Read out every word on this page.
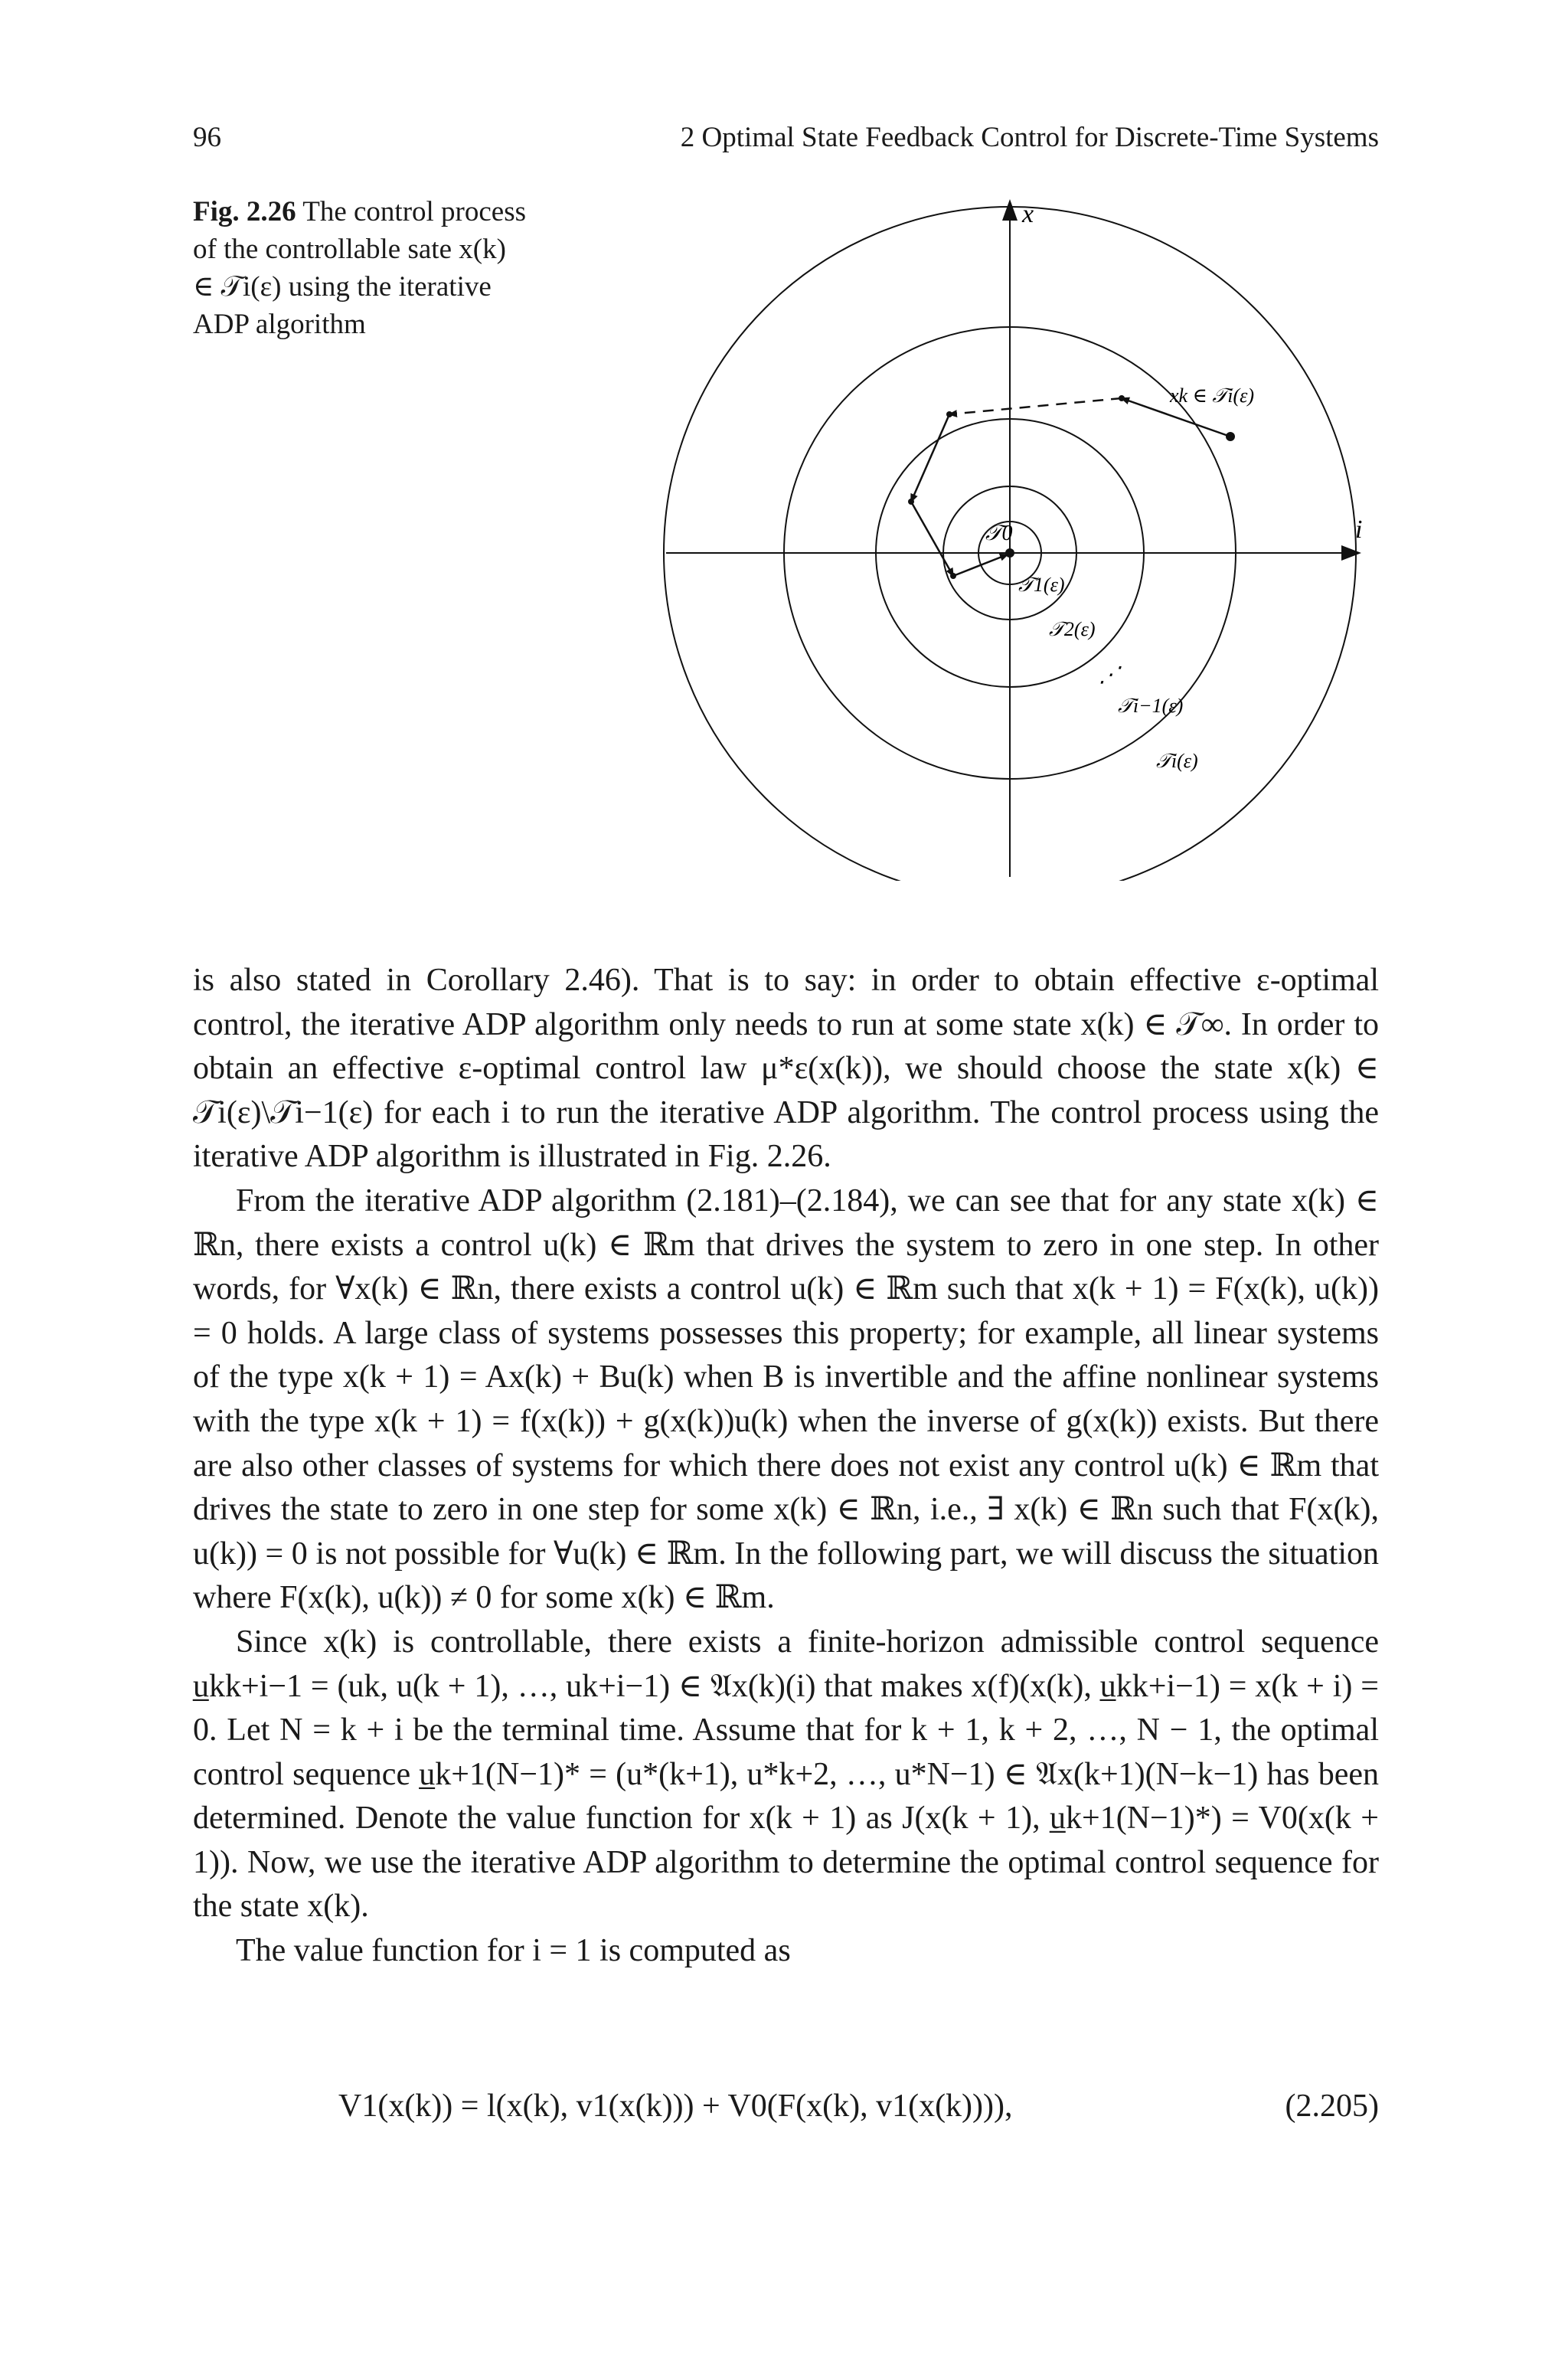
96	2 Optimal State Feedback Control for Discrete-Time Systems
Fig. 2.26 The control process of the controllable sate x(k) ∈ 𝒯i(ε) using the iterative ADP algorithm
x
i
𝒯0
𝒯1(ε)
𝒯2(ε)
⋰
𝒯i−1(ε)
𝒯i(ε)
xk ∈ 𝒯i(ε)

is also stated in Corollary 2.46). That is to say: in order to obtain effective ε-optimal control, the iterative ADP algorithm only needs to run at some state x(k) ∈ 𝒯∞. In order to obtain an effective ε-optimal control law μ*ε(x(k)), we should choose the state x(k) ∈ 𝒯i(ε)\𝒯i−1(ε) for each i to run the iterative ADP algorithm. The control process using the iterative ADP algorithm is illustrated in Fig. 2.26.

From the iterative ADP algorithm (2.181)–(2.184), we can see that for any state x(k) ∈ ℝn, there exists a control u(k) ∈ ℝm that drives the system to zero in one step. In other words, for ∀x(k) ∈ ℝn, there exists a control u(k) ∈ ℝm such that x(k + 1) = F(x(k), u(k)) = 0 holds. A large class of systems possesses this property; for example, all linear systems of the type x(k + 1) = Ax(k) + Bu(k) when B is invertible and the affine nonlinear systems with the type x(k + 1) = f(x(k)) + g(x(k))u(k) when the inverse of g(x(k)) exists. But there are also other classes of systems for which there does not exist any control u(k) ∈ ℝm that drives the state to zero in one step for some x(k) ∈ ℝn, i.e., ∃ x(k) ∈ ℝn such that F(x(k), u(k)) = 0 is not possible for ∀u(k) ∈ ℝm. In the following part, we will discuss the situation where F(x(k), u(k)) ≠ 0 for some x(k) ∈ ℝm.

Since x(k) is controllable, there exists a finite-horizon admissible control sequence u̲kk+i−1 = (uk, u(k + 1), …, uk+i−1) ∈ 𝔄x(k)(i) that makes x(f)(x(k), u̲kk+i−1) = x(k + i) = 0. Let N = k + i be the terminal time. Assume that for k + 1, k + 2, …, N − 1, the optimal control sequence u̲k+1(N−1)* = (u*(k+1), u*k+2, …, u*N−1) ∈ 𝔄x(k+1)(N−k−1) has been determined. Denote the value function for x(k + 1) as J(x(k + 1), u̲k+1(N−1)*) = V0(x(k + 1)). Now, we use the iterative ADP algorithm to determine the optimal control sequence for the state x(k).

The value function for i = 1 is computed as

V1(x(k)) = l(x(k), v1(x(k))) + V0(F(x(k), v1(x(k)))),	(2.205)
